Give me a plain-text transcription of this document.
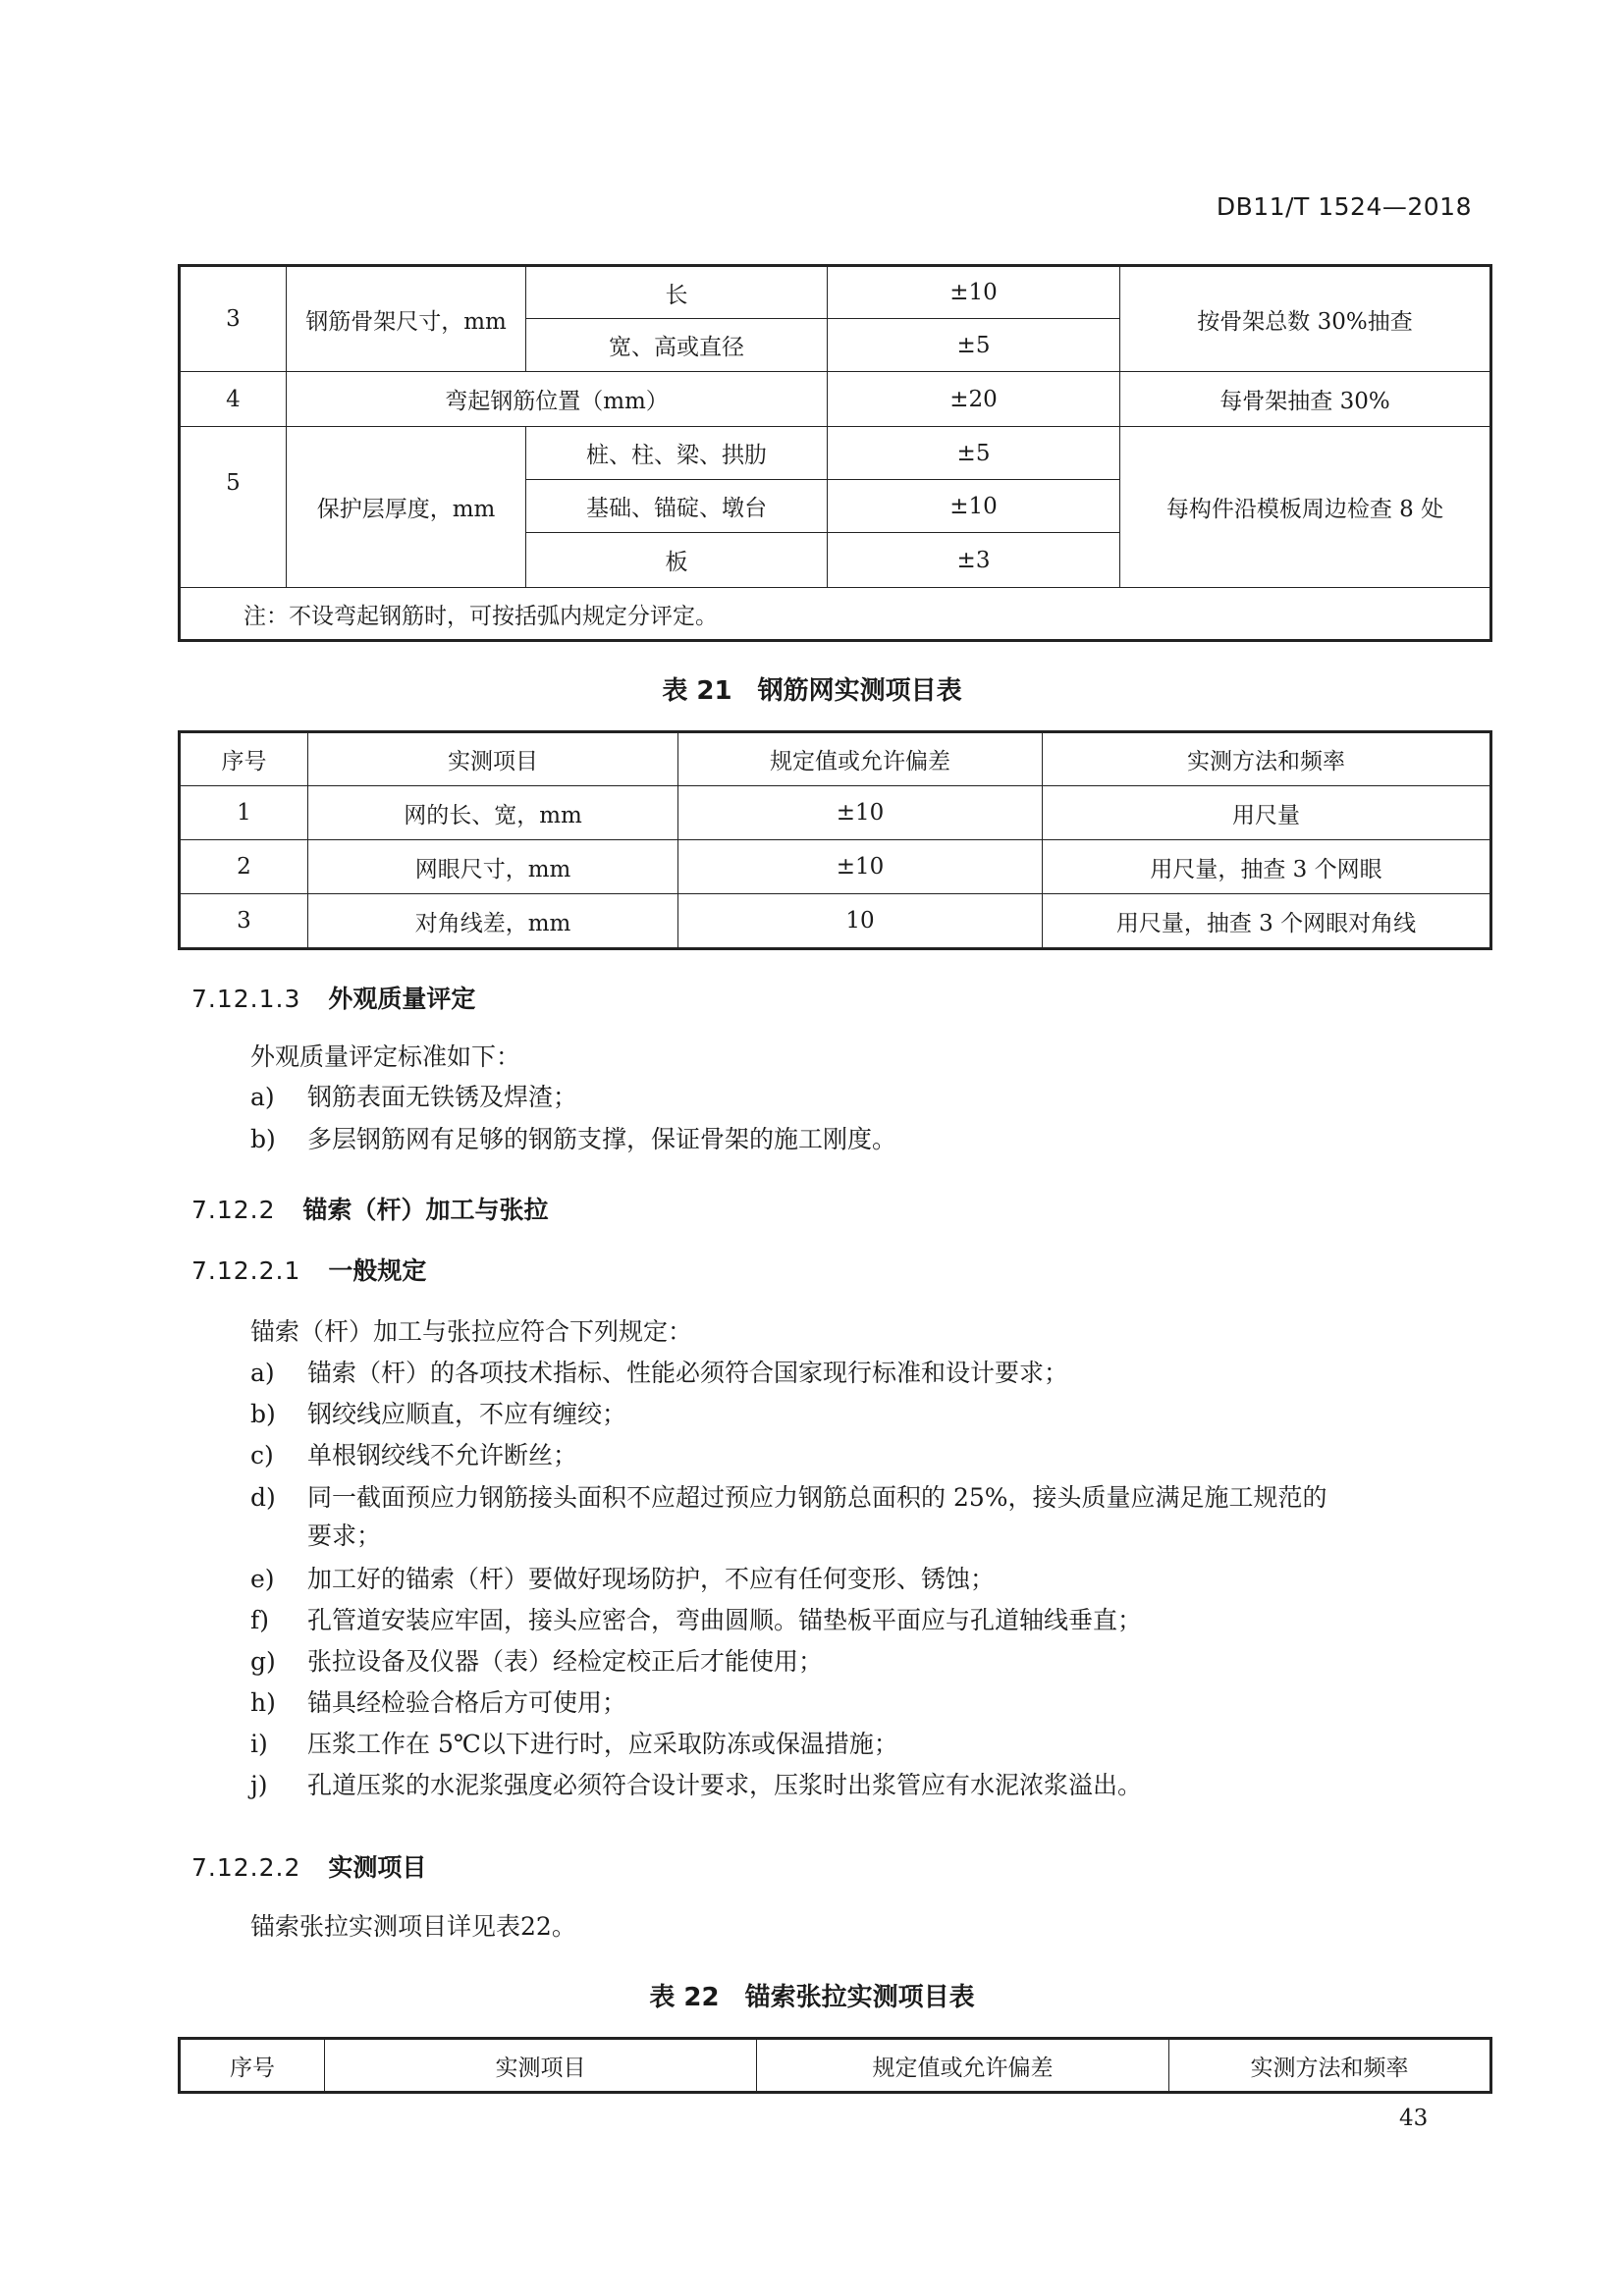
DB11/T 1524—2018
3	钢筋骨架尺寸，mm	长	±10	按骨架总数 30%抽查
		宽、高或直径	±5	
4	弯起钢筋位置（mm）		±20	每骨架抽查 30%
5	保护层厚度，mm	桩、柱、梁、拱肋	±5	每构件沿模板周边检查 8 处
		基础、锚碇、墩台	±10	
		板	±3	
注：不设弯起钢筋时，可按括弧内规定分评定。				
表 21　钢筋网实测项目表
序号	实测项目	规定值或允许偏差	实测方法和频率
1	网的长、宽，mm	±10	用尺量
2	网眼尺寸，mm	±10	用尺量，抽查 3 个网眼
3	对角线差，mm	10	用尺量，抽查 3 个网眼对角线
7.12.1.3 外观质量评定
外观质量评定标准如下：
a) 钢筋表面无铁锈及焊渣；
b) 多层钢筋网有足够的钢筋支撑，保证骨架的施工刚度。
7.12.2 锚索（杆）加工与张拉
7.12.2.1 一般规定
锚索（杆）加工与张拉应符合下列规定：
a) 锚索（杆）的各项技术指标、性能必须符合国家现行标准和设计要求；
b) 钢绞线应顺直，不应有缠绞；
c) 单根钢绞线不允许断丝；
d) 同一截面预应力钢筋接头面积不应超过预应力钢筋总面积的 25%，接头质量应满足施工规范的
要求；
e) 加工好的锚索（杆）要做好现场防护，不应有任何变形、锈蚀；
f) 孔管道安装应牢固，接头应密合，弯曲圆顺。锚垫板平面应与孔道轴线垂直；
g) 张拉设备及仪器（表）经检定校正后才能使用；
h) 锚具经检验合格后方可使用；
i) 压浆工作在 5℃以下进行时，应采取防冻或保温措施；
j) 孔道压浆的水泥浆强度必须符合设计要求，压浆时出浆管应有水泥浓浆溢出。
7.12.2.2 实测项目
锚索张拉实测项目详见表22。
表 22　锚索张拉实测项目表
序号	实测项目	规定值或允许偏差	实测方法和频率
43
